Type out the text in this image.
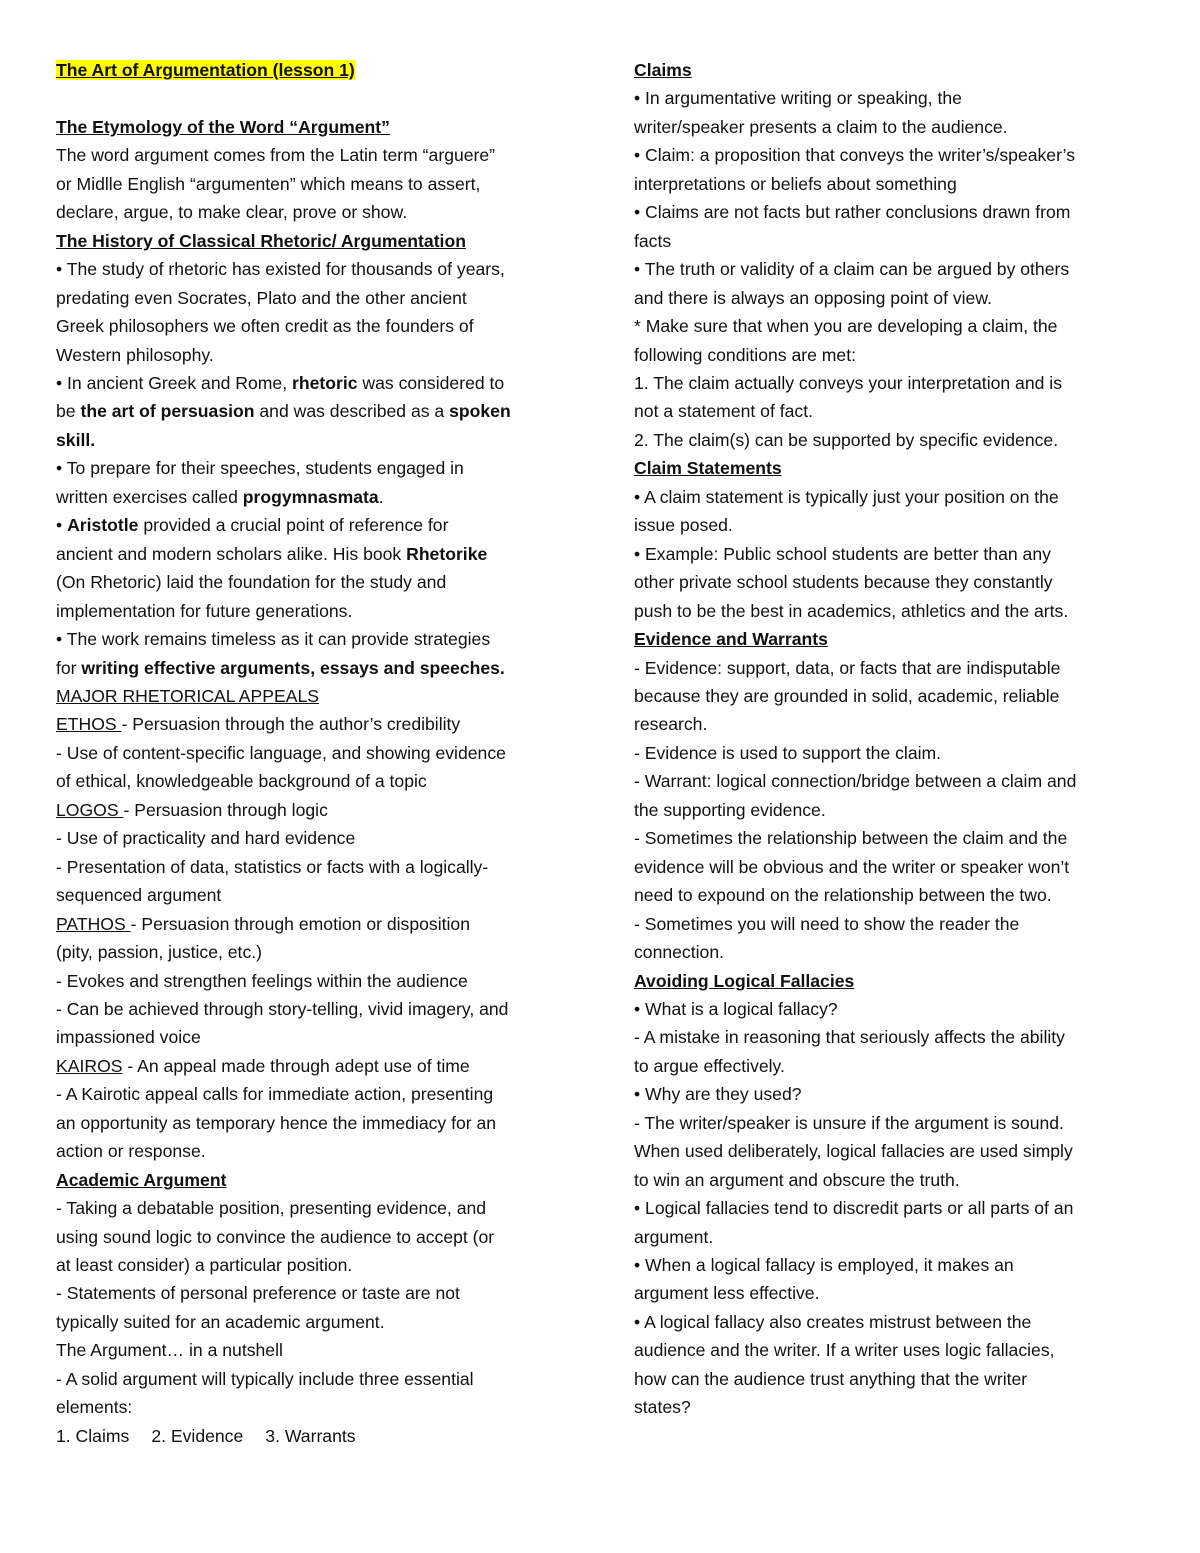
The Art of Argumentation (lesson 1)

The Etymology of the Word “Argument”
The word argument comes from the Latin term “arguere”
or Midlle English “argumenten” which means to assert,
declare, argue, to make clear, prove or show.
The History of Classical Rhetoric/ Argumentation
• The study of rhetoric has existed for thousands of years,
predating even Socrates, Plato and the other ancient
Greek philosophers we often credit as the founders of
Western philosophy.
• In ancient Greek and Rome, rhetoric was considered to
be the art of persuasion and was described as a spoken
skill.
• To prepare for their speeches, students engaged in
written exercises called progymnasmata.
• Aristotle provided a crucial point of reference for
ancient and modern scholars alike. His book Rhetorike
(On Rhetoric) laid the foundation for the study and
implementation for future generations.
• The work remains timeless as it can provide strategies
for writing effective arguments, essays and speeches.
MAJOR RHETORICAL APPEALS
ETHOS - Persuasion through the author’s credibility
- Use of content-specific language, and showing evidence
of ethical, knowledgeable background of a topic
LOGOS - Persuasion through logic
- Use of practicality and hard evidence
- Presentation of data, statistics or facts with a logically-
sequenced argument
PATHOS - Persuasion through emotion or disposition
(pity, passion, justice, etc.)
- Evokes and strengthen feelings within the audience
- Can be achieved through story-telling, vivid imagery, and
impassioned voice
KAIROS - An appeal made through adept use of time
- A Kairotic appeal calls for immediate action, presenting
an opportunity as temporary hence the immediacy for an
action or response.
Academic Argument
- Taking a debatable position, presenting evidence, and
using sound logic to convince the audience to accept (or
at least consider) a particular position.
- Statements of personal preference or taste are not
typically suited for an academic argument.
The Argument… in a nutshell
- A solid argument will typically include three essential
elements:
1. Claims 2. Evidence 3. Warrants
Claims
• In argumentative writing or speaking, the
writer/speaker presents a claim to the audience.
• Claim: a proposition that conveys the writer’s/speaker’s
interpretations or beliefs about something
• Claims are not facts but rather conclusions drawn from
facts
• The truth or validity of a claim can be argued by others
and there is always an opposing point of view.
* Make sure that when you are developing a claim, the
following conditions are met:
1. The claim actually conveys your interpretation and is
not a statement of fact.
2. The claim(s) can be supported by specific evidence.
Claim Statements
• A claim statement is typically just your position on the
issue posed.
• Example: Public school students are better than any
other private school students because they constantly
push to be the best in academics, athletics and the arts.
Evidence and Warrants
- Evidence: support, data, or facts that are indisputable
because they are grounded in solid, academic, reliable
research.
- Evidence is used to support the claim.
- Warrant: logical connection/bridge between a claim and
the supporting evidence.
- Sometimes the relationship between the claim and the
evidence will be obvious and the writer or speaker won’t
need to expound on the relationship between the two.
- Sometimes you will need to show the reader the
connection.
Avoiding Logical Fallacies
• What is a logical fallacy?
- A mistake in reasoning that seriously affects the ability
to argue effectively.
• Why are they used?
- The writer/speaker is unsure if the argument is sound.
When used deliberately, logical fallacies are used simply
to win an argument and obscure the truth.
• Logical fallacies tend to discredit parts or all parts of an
argument.
• When a logical fallacy is employed, it makes an
argument less effective.
• A logical fallacy also creates mistrust between the
audience and the writer. If a writer uses logic fallacies,
how can the audience trust anything that the writer
states?
